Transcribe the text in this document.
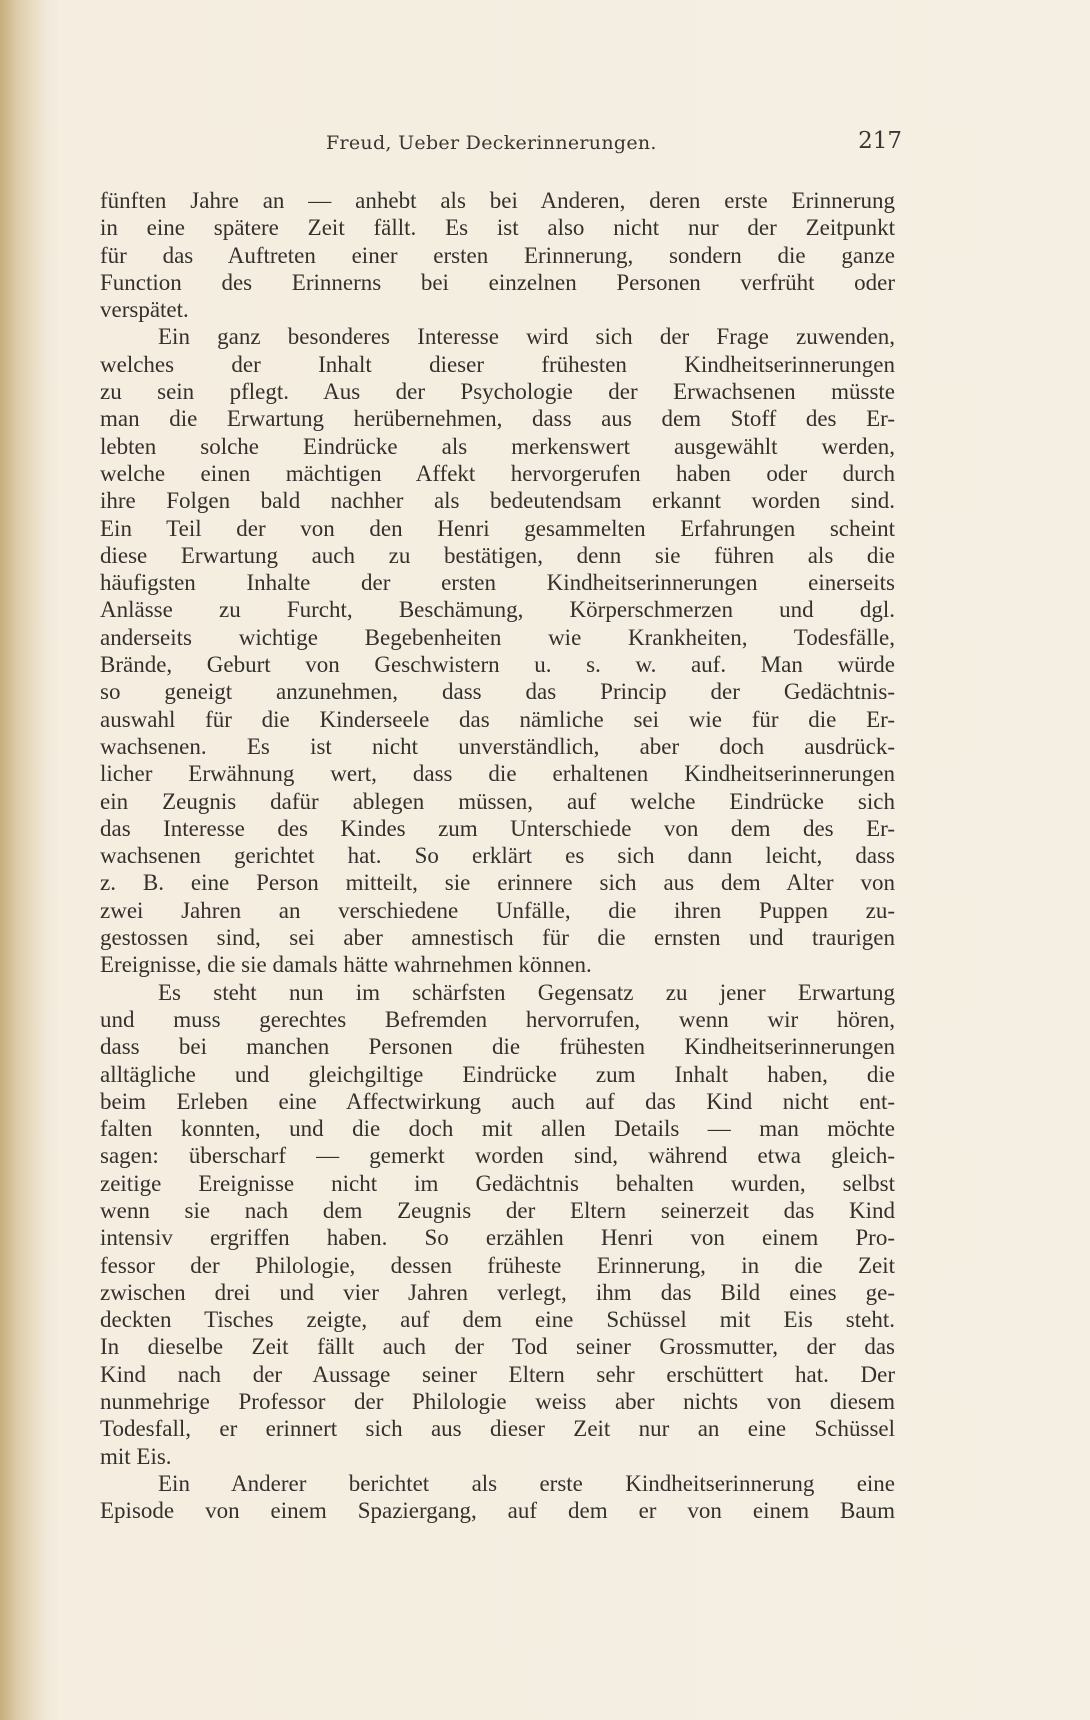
Freud, Ueber Deckerinnerungen.	217
fünften Jahre an — anhebt als bei Anderen, deren erste Erinnerung
in eine spätere Zeit fällt. Es ist also nicht nur der Zeitpunkt
für das Auftreten einer ersten Erinnerung, sondern die ganze
Function des Erinnerns bei einzelnen Personen verfrüht oder
verspätet.
Ein ganz besonderes Interesse wird sich der Frage zuwenden,
welches der Inhalt dieser frühesten Kindheitserinnerungen
zu sein pflegt. Aus der Psychologie der Erwachsenen müsste
man die Erwartung herübernehmen, dass aus dem Stoff des Er-
lebten solche Eindrücke als merkenswert ausgewählt werden,
welche einen mächtigen Affekt hervorgerufen haben oder durch
ihre Folgen bald nachher als bedeutendsam erkannt worden sind.
Ein Teil der von den Henri gesammelten Erfahrungen scheint
diese Erwartung auch zu bestätigen, denn sie führen als die
häufigsten Inhalte der ersten Kindheitserinnerungen einerseits
Anlässe zu Furcht, Beschämung, Körperschmerzen und dgl.
anderseits wichtige Begebenheiten wie Krankheiten, Todesfälle,
Brände, Geburt von Geschwistern u. s. w. auf. Man würde
so geneigt anzunehmen, dass das Princip der Gedächtnis-
auswahl für die Kinderseele das nämliche sei wie für die Er-
wachsenen. Es ist nicht unverständlich, aber doch ausdrück-
licher Erwähnung wert, dass die erhaltenen Kindheitserinnerungen
ein Zeugnis dafür ablegen müssen, auf welche Eindrücke sich
das Interesse des Kindes zum Unterschiede von dem des Er-
wachsenen gerichtet hat. So erklärt es sich dann leicht, dass
z. B. eine Person mitteilt, sie erinnere sich aus dem Alter von
zwei Jahren an verschiedene Unfälle, die ihren Puppen zu-
gestossen sind, sei aber amnestisch für die ernsten und traurigen
Ereignisse, die sie damals hätte wahrnehmen können.
Es steht nun im schärfsten Gegensatz zu jener Erwartung
und muss gerechtes Befremden hervorrufen, wenn wir hören,
dass bei manchen Personen die frühesten Kindheitserinnerungen
alltägliche und gleichgiltige Eindrücke zum Inhalt haben, die
beim Erleben eine Affectwirkung auch auf das Kind nicht ent-
falten konnten, und die doch mit allen Details — man möchte
sagen: überscharf — gemerkt worden sind, während etwa gleich-
zeitige Ereignisse nicht im Gedächtnis behalten wurden, selbst
wenn sie nach dem Zeugnis der Eltern seinerzeit das Kind
intensiv ergriffen haben. So erzählen Henri von einem Pro-
fessor der Philologie, dessen früheste Erinnerung, in die Zeit
zwischen drei und vier Jahren verlegt, ihm das Bild eines ge-
deckten Tisches zeigte, auf dem eine Schüssel mit Eis steht.
In dieselbe Zeit fällt auch der Tod seiner Grossmutter, der das
Kind nach der Aussage seiner Eltern sehr erschüttert hat. Der
nunmehrige Professor der Philologie weiss aber nichts von diesem
Todesfall, er erinnert sich aus dieser Zeit nur an eine Schüssel
mit Eis.
Ein Anderer berichtet als erste Kindheitserinnerung eine
Episode von einem Spaziergang, auf dem er von einem Baum
